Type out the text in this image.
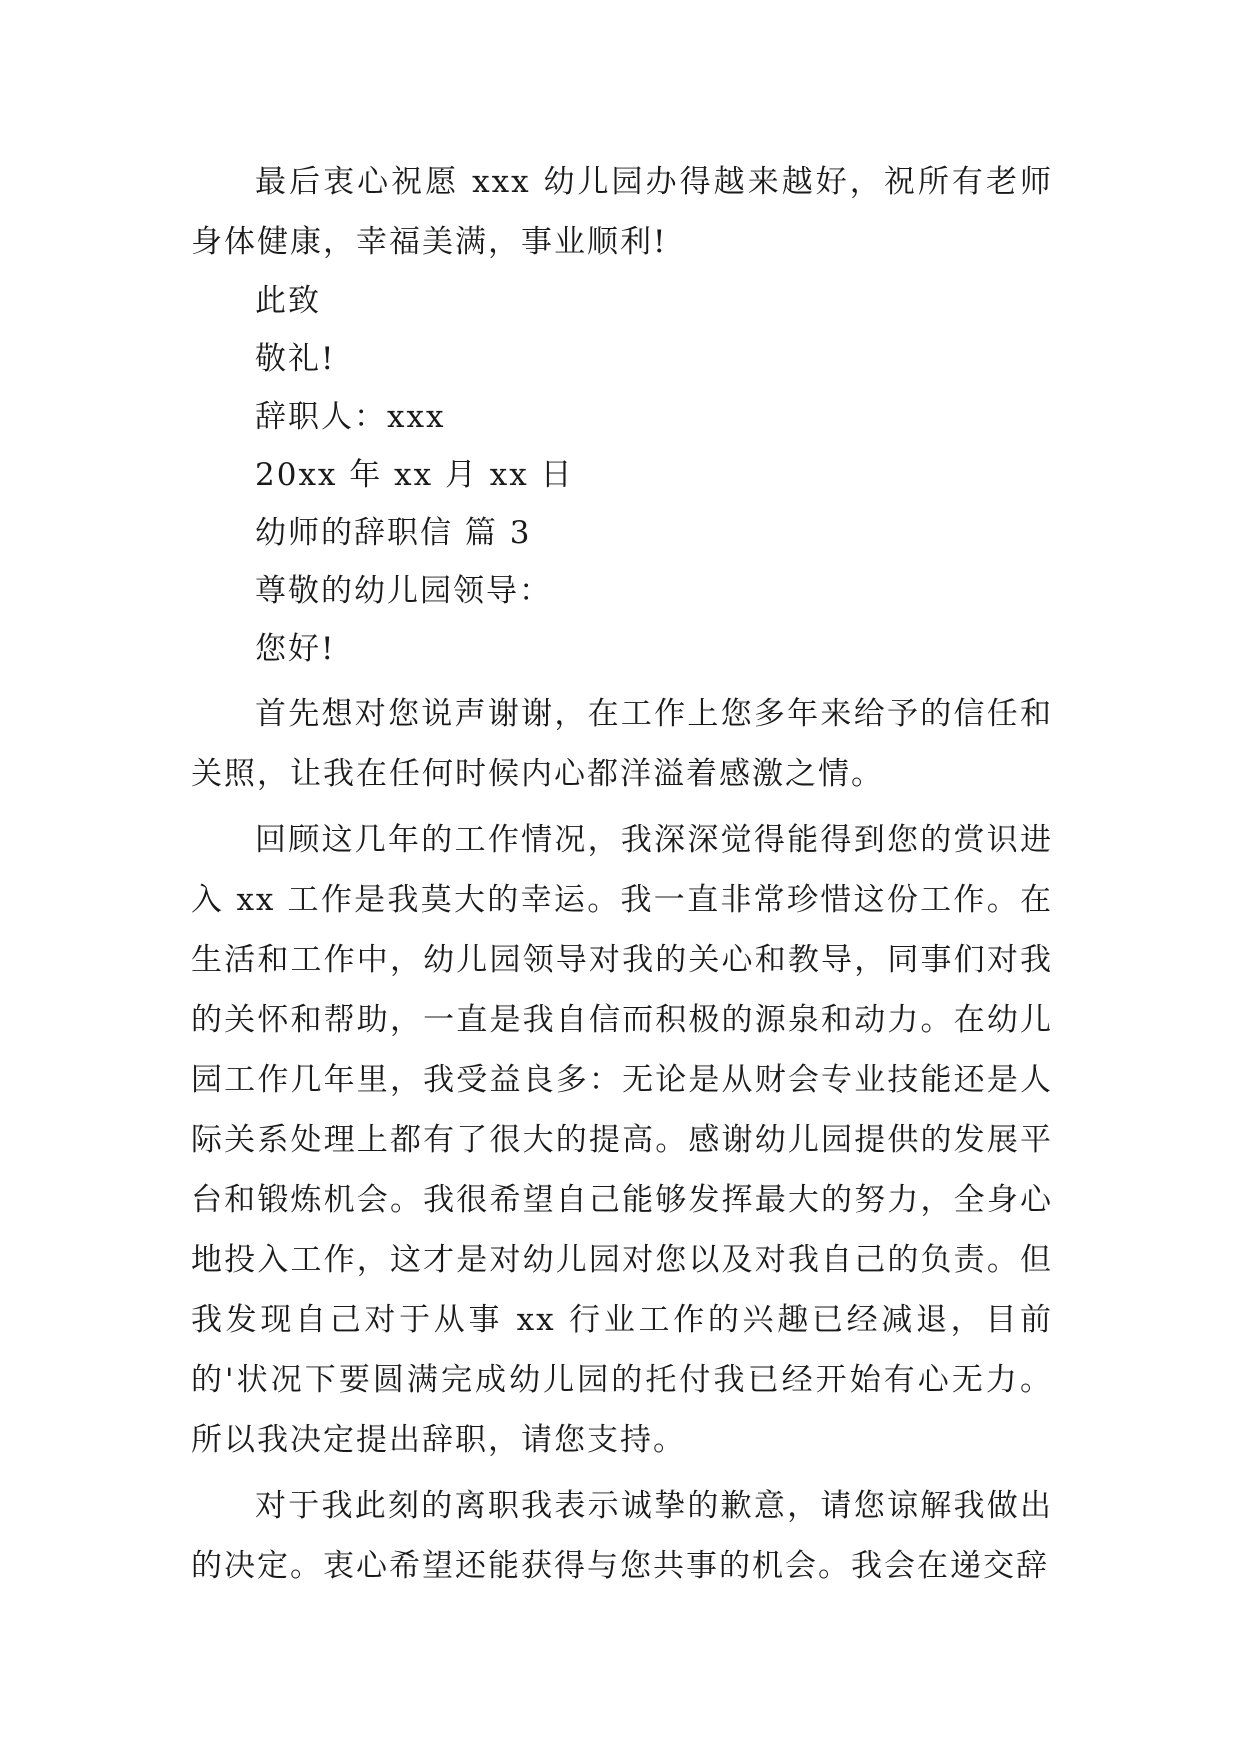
最后衷心祝愿 xxx 幼儿园办得越来越好，祝所有老师身体健康，幸福美满，事业顺利!

此致

敬礼!

辞职人：xxx

20xx 年 xx 月 xx 日

幼师的辞职信 篇 3

尊敬的幼儿园领导：

您好!

首先想对您说声谢谢，在工作上您多年来给予的信任和关照，让我在任何时候内心都洋溢着感激之情。

回顾这几年的工作情况，我深深觉得能得到您的赏识进入 xx 工作是我莫大的幸运。我一直非常珍惜这份工作。在生活和工作中，幼儿园领导对我的关心和教导，同事们对我的关怀和帮助，一直是我自信而积极的源泉和动力。在幼儿园工作几年里，我受益良多：无论是从财会专业技能还是人际关系处理上都有了很大的提高。感谢幼儿园提供的发展平台和锻炼机会。我很希望自己能够发挥最大的努力，全身心地投入工作，这才是对幼儿园对您以及对我自己的负责。但我发现自己对于从事 xx 行业工作的兴趣已经减退，目前的'状况下要圆满完成幼儿园的托付我已经开始有心无力。所以我决定提出辞职，请您支持。

对于我此刻的离职我表示诚挚的歉意，请您谅解我做出的决定。衷心希望还能获得与您共事的机会。我会在递交辞
